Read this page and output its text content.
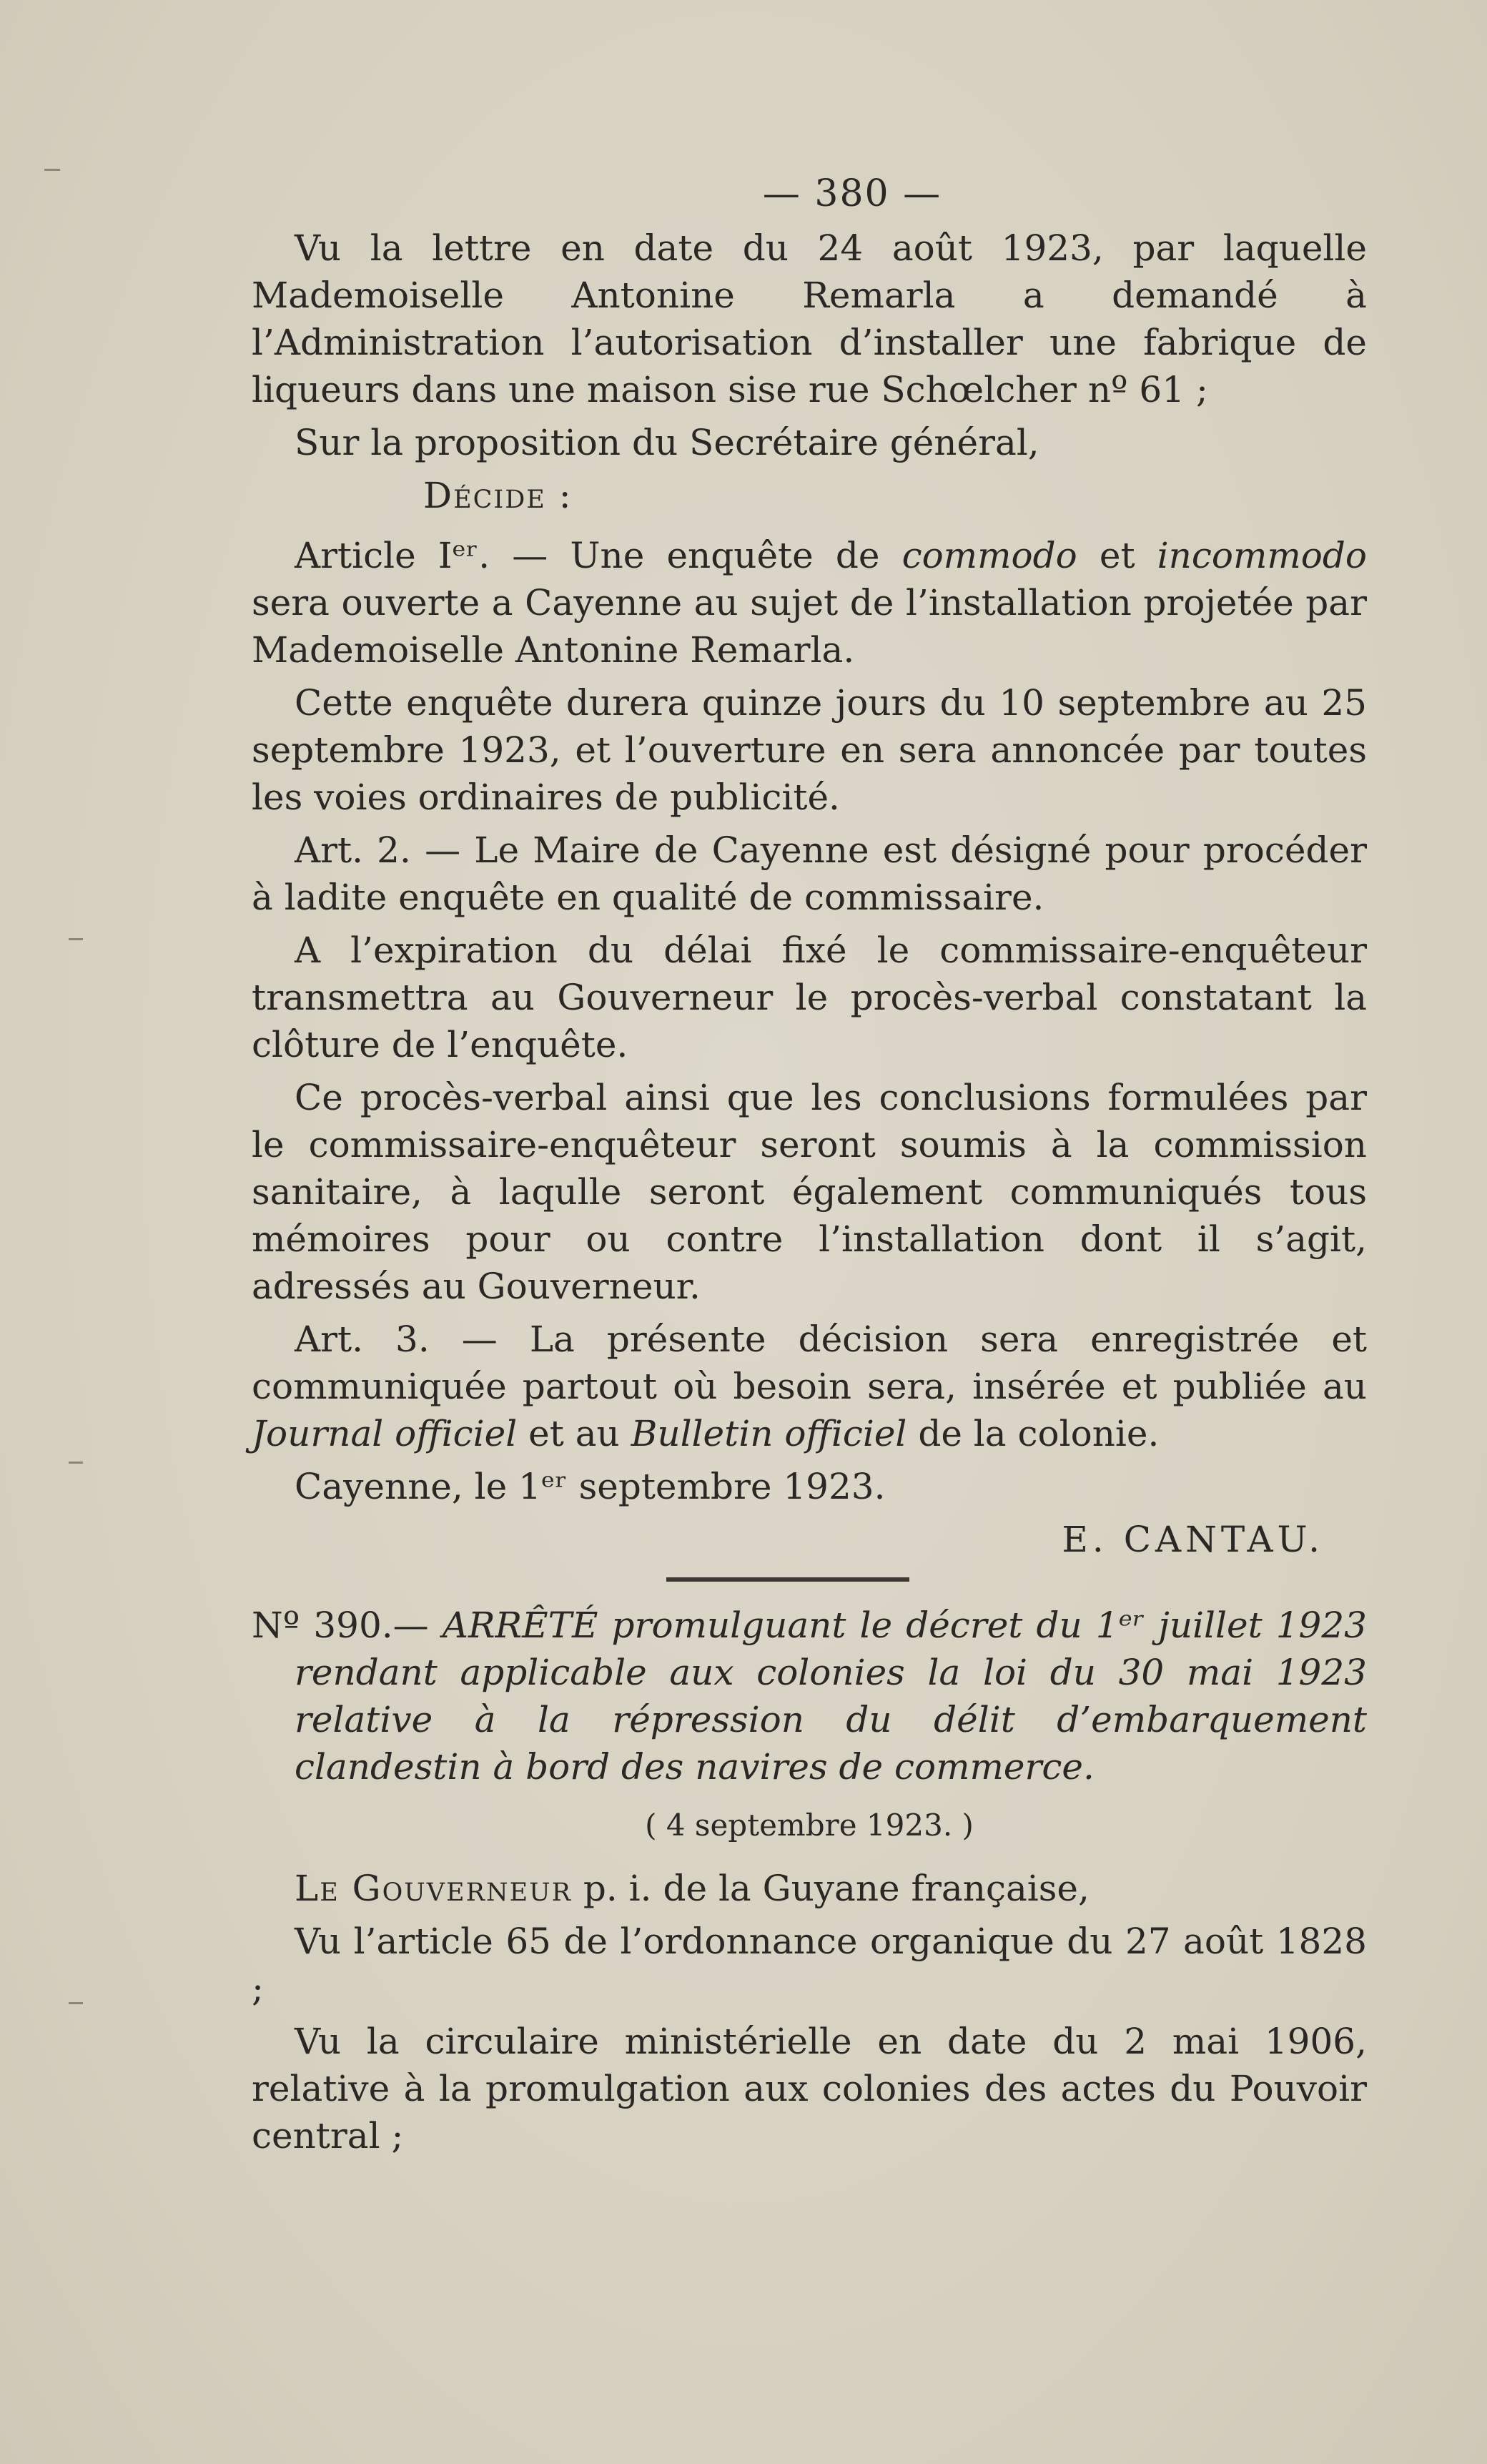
— 380 —

Vu la lettre en date du 24 août 1923, par laquelle Mademoiselle Antonine Remarla a demandé à l’Administration l’autorisation d’installer une fabrique de liqueurs dans une maison sise rue Schœlcher nº 61 ;

Sur la proposition du Secrétaire général,

Décide :

Article Iᵉʳ. — Une enquête de commodo et incommodo sera ouverte a Cayenne au sujet de l’installation projetée par Mademoiselle Antonine Remarla.

Cette enquête durera quinze jours du 10 septembre au 25 septembre 1923, et l’ouverture en sera annoncée par toutes les voies ordinaires de publicité.

Art. 2. — Le Maire de Cayenne est désigné pour procéder à ladite enquête en qualité de commissaire.

A l’expiration du délai fixé le commissaire-enquêteur transmettra au Gouverneur le procès-verbal constatant la clôture de l’enquête.

Ce procès-verbal ainsi que les conclusions formulées par le commissaire-enquêteur seront soumis à la commission sanitaire, à laqulle seront également communiqués tous mémoires pour ou contre l’installation dont il s’agit, adressés au Gouverneur.

Art. 3. — La présente décision sera enregistrée et communiquée partout où besoin sera, insérée et publiée au Journal officiel et au Bulletin officiel de la colonie.

Cayenne, le 1ᵉʳ septembre 1923.

E. CANTAU.
Nº 390.— ARRÊTÉ promulguant le décret du 1ᵉʳ juillet 1923 rendant applicable aux colonies la loi du 30 mai 1923 relative à la répression du délit d’embarquement clandestin à bord des navires de commerce.
( 4 septembre 1923. )

Le Gouverneur p. i. de la Guyane française,

Vu l’article 65 de l’ordonnance organique du 27 août 1828 ;

Vu la circulaire ministérielle en date du 2 mai 1906, relative à la promulgation aux colonies des actes du Pouvoir central ;
